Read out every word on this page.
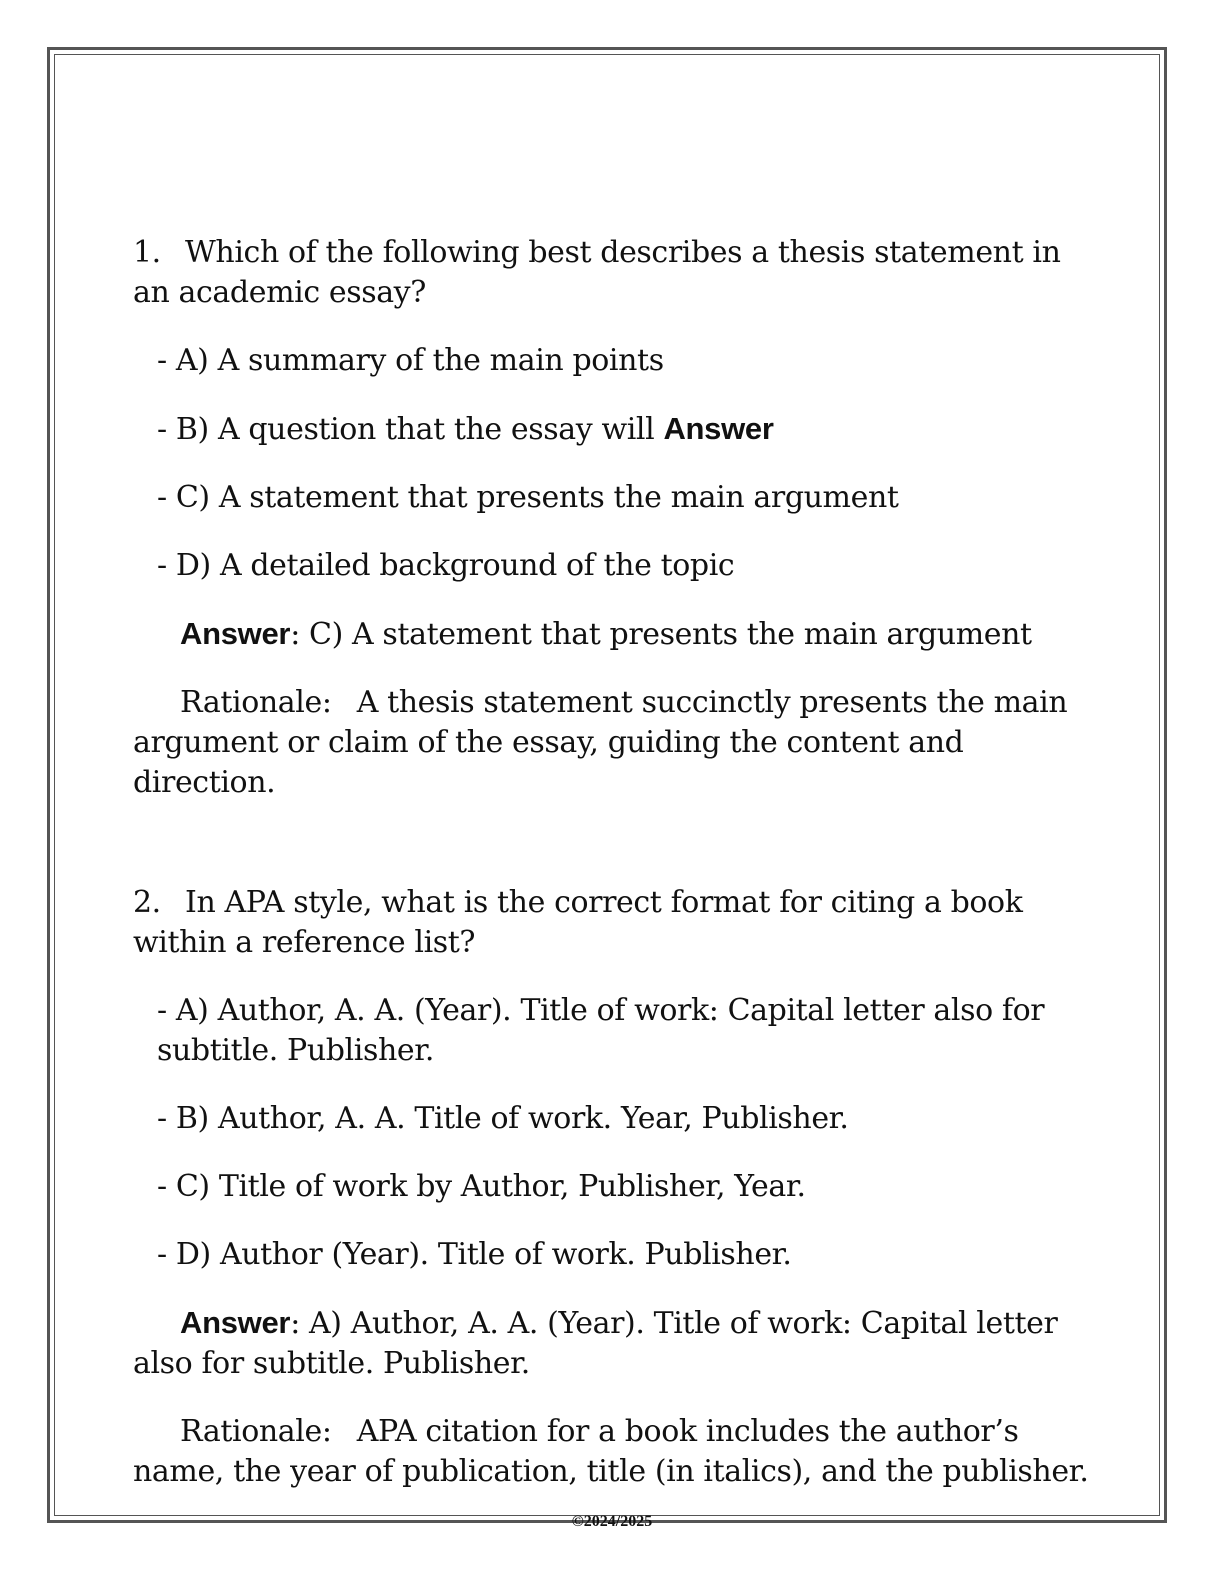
1. Which of the following best describes a thesis statement in an academic essay?

- A) A summary of the main points

- B) A question that the essay will Answer

- C) A statement that presents the main argument

- D) A detailed background of the topic

Answer: C) A statement that presents the main argument

Rationale: A thesis statement succinctly presents the main argument or claim of the essay, guiding the content and direction.

2. In APA style, what is the correct format for citing a book within a reference list?

- A) Author, A. A. (Year). Title of work: Capital letter also for subtitle. Publisher.

- B) Author, A. A. Title of work. Year, Publisher.

- C) Title of work by Author, Publisher, Year.

- D) Author (Year). Title of work. Publisher.

Answer: A) Author, A. A. (Year). Title of work: Capital letter also for subtitle. Publisher.

Rationale: APA citation for a book includes the author’s name, the year of publication, title (in italics), and the publisher.

©2024/2025
